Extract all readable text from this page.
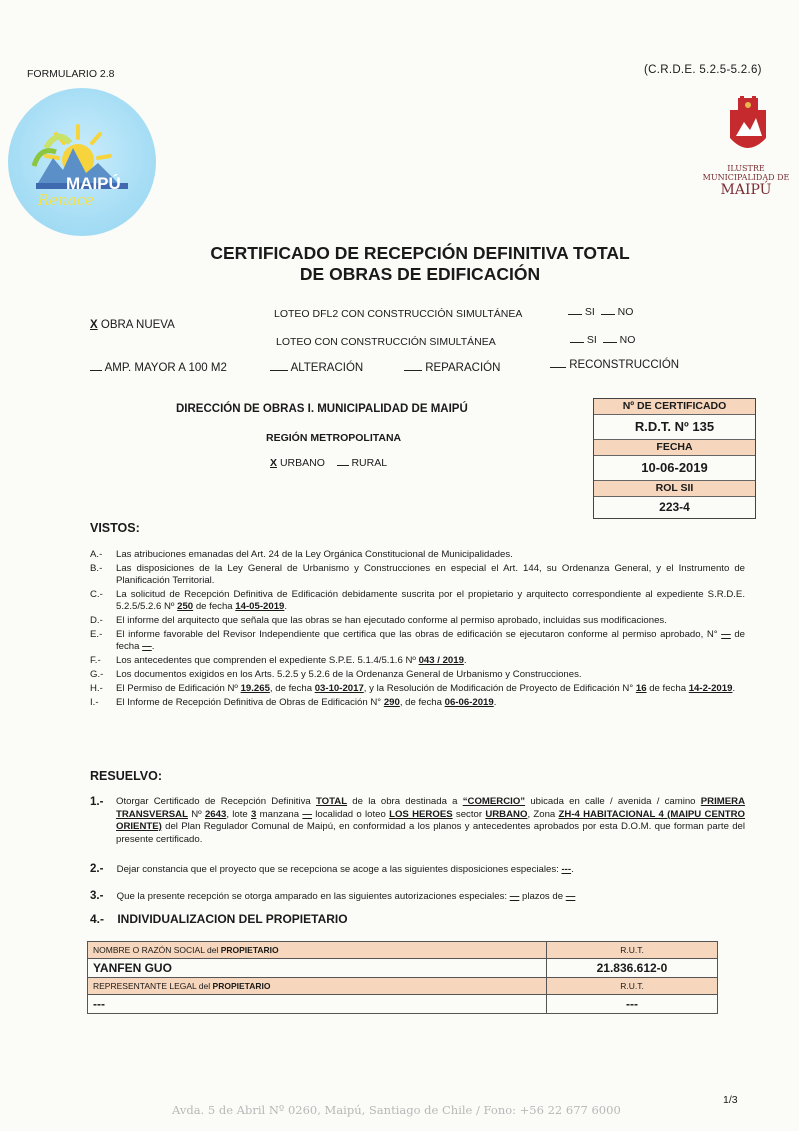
FORMULARIO 2.8	(C.R.D.E. 5.2.5-5.2.6)
MAIPÚ
Renace
ILUSTRE
MUNICIPALIDAD DE
MAIPÚ
CERTIFICADO DE RECEPCIÓN DEFINITIVA TOTAL
DE OBRAS DE EDIFICACIÓN
X OBRA NUEVA
LOTEO DFL2 CON CONSTRUCCIÓN SIMULTÁNEA	SI NO
LOTEO CON CONSTRUCCIÓN SIMULTÁNEA	SI NO
AMP. MAYOR A 100 M2	ALTERACIÓN	REPARACIÓN	RECONSTRUCCIÓN
DIRECCIÓN DE OBRAS I. MUNICIPALIDAD DE MAIPÚ
REGIÓN METROPOLITANA
X URBANO	RURAL
Nº DE CERTIFICADO
R.D.T. Nº 135
FECHA
10-06-2019
ROL SII
223-4
VISTOS:
A.- Las atribuciones emanadas del Art. 24 de la Ley Orgánica Constitucional de Municipalidades.
B.- Las disposiciones de la Ley General de Urbanismo y Construcciones en especial el Art. 144, su Ordenanza General, y el Instrumento de Planificación Territorial.
C.- La solicitud de Recepción Definitiva de Edificación debidamente suscrita por el propietario y arquitecto correspondiente al expediente S.R.D.E. 5.2.5/5.2.6 Nº 250 de fecha 14-05-2019.
D.- El informe del arquitecto que señala que las obras se han ejecutado conforme al permiso aprobado, incluidas sus modificaciones.
E.- El informe favorable del Revisor Independiente que certifica que las obras de edificación se ejecutaron conforme al permiso aprobado, N° — de fecha —.
F.- Los antecedentes que comprenden el expediente S.P.E. 5.1.4/5.1.6 Nº 043 / 2019.
G.- Los documentos exigidos en los Arts. 5.2.5 y 5.2.6 de la Ordenanza General de Urbanismo y Construcciones.
H.- El Permiso de Edificación Nº 19.265, de fecha 03-10-2017, y la Resolución de Modificación de Proyecto de Edificación N° 16 de fecha 14-2-2019.
I.- El Informe de Recepción Definitiva de Obras de Edificación N° 290, de fecha 06-06-2019.
RESUELVO:
1.- Otorgar Certificado de Recepción Definitiva TOTAL de la obra destinada a “COMERCIO” ubicada en calle / avenida / camino PRIMERA TRANSVERSAL Nº 2643, lote 3 manzana — localidad o loteo LOS HEROES sector URBANO, Zona ZH-4 HABITACIONAL 4 (MAIPU CENTRO ORIENTE) del Plan Regulador Comunal de Maipú, en conformidad a los planos y antecedentes aprobados por esta D.O.M. que forman parte del presente certificado.
2.- Dejar constancia que el proyecto que se recepciona se acoge a las siguientes disposiciones especiales: ---.
3.- Que la presente recepción se otorga amparado en las siguientes autorizaciones especiales: — plazos de —
4.- INDIVIDUALIZACION DEL PROPIETARIO
NOMBRE O RAZÓN SOCIAL del PROPIETARIO	R.U.T.
YANFEN GUO	21.836.612-0
REPRESENTANTE LEGAL del PROPIETARIO	R.U.T.
---	---
Avda. 5 de Abril Nº 0260, Maipú, Santiago de Chile / Fono: +56 22 677 6000
1/3
